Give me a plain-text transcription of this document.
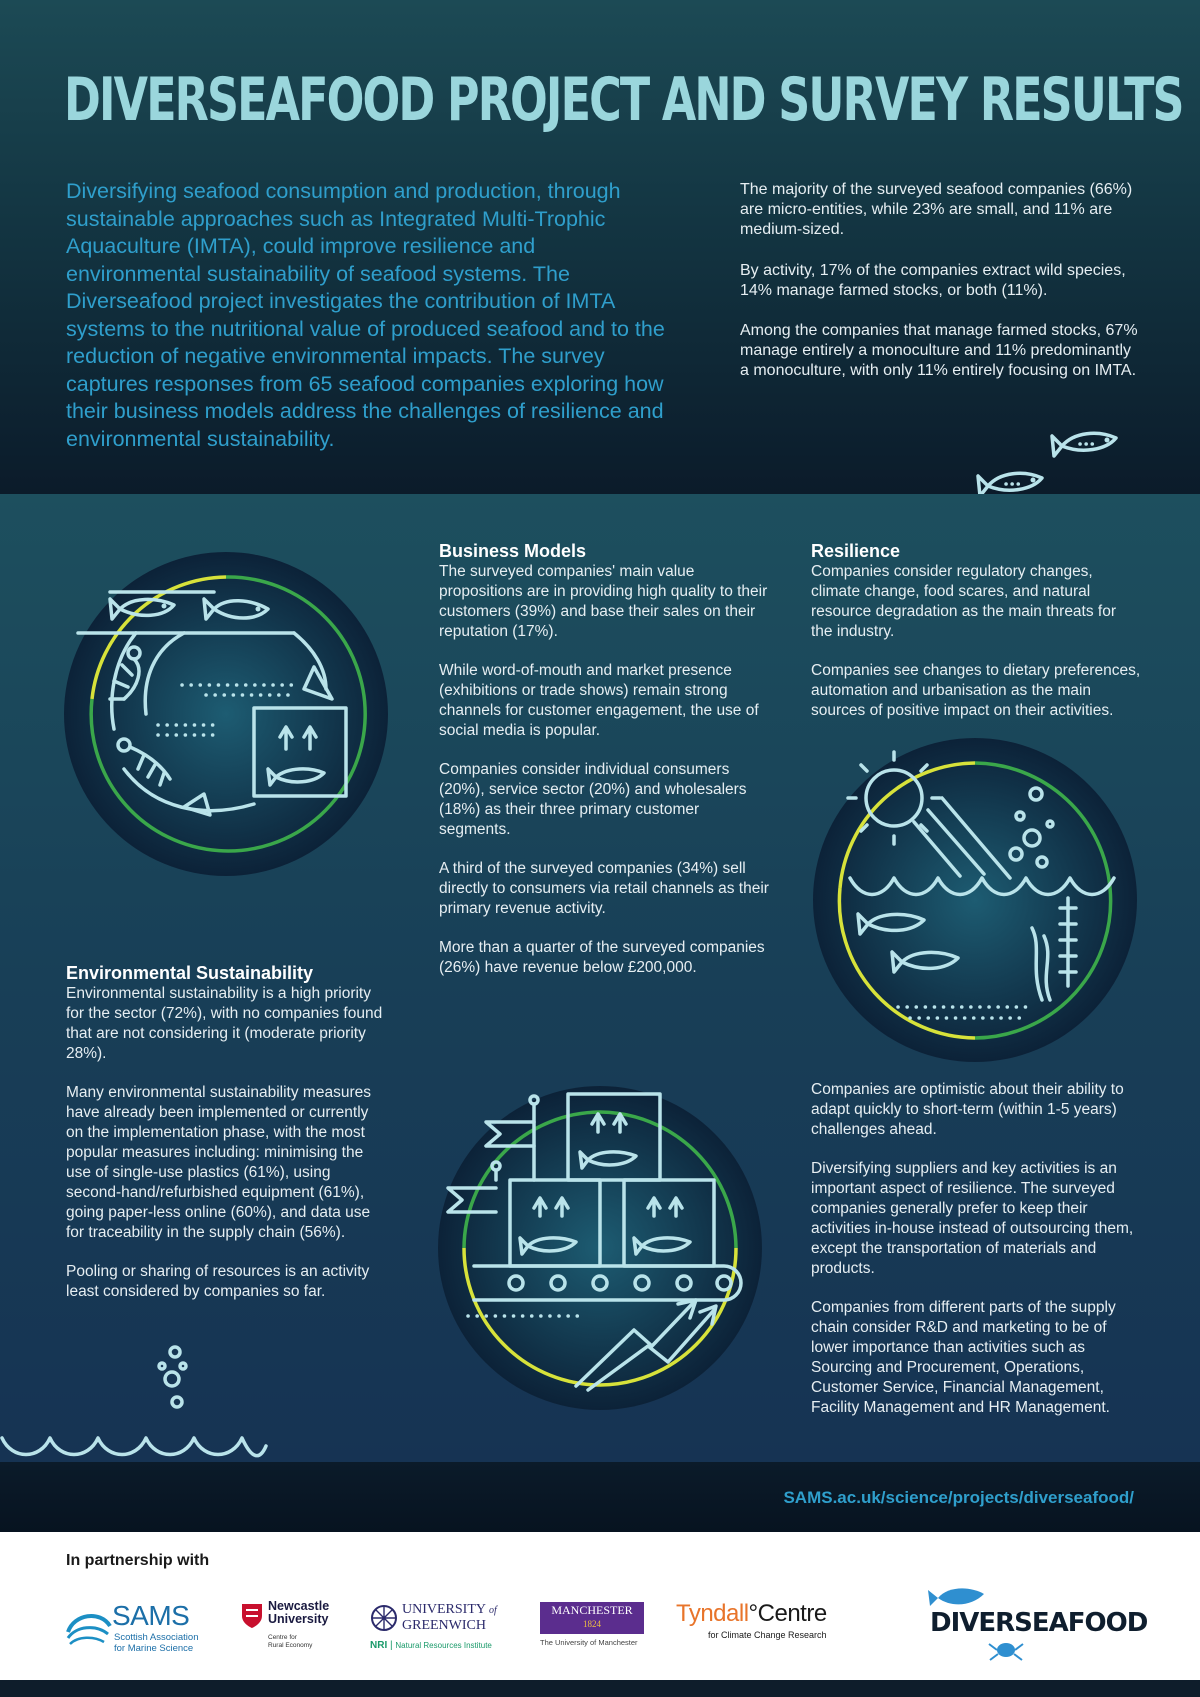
DIVERSEAFOOD PROJECT AND SURVEY RESULTS
Diversifying seafood consumption and production, through sustainable approaches such as Integrated Multi-Trophic Aquaculture (IMTA), could improve resilience and environmental sustainability of seafood systems. The Diverseafood project investigates the contribution of IMTA systems to the nutritional value of produced seafood and to the reduction of negative environmental impacts. The survey captures responses from 65 seafood companies exploring how their business models address the challenges of resilience and environmental sustainability.

The majority of the surveyed seafood companies (66%) are micro-entities, while 23% are small, and 11% are medium-sized.

By activity, 17% of the companies extract wild species, 14% manage farmed stocks, or both (11%).

Among the companies that manage farmed stocks, 67% manage entirely a monoculture and 11% predominantly a monoculture, with only 11% entirely focusing on IMTA.

Business Models

The surveyed companies' main value propositions are in providing high quality to their customers (39%) and base their sales on their reputation (17%).

While word-of-mouth and market presence (exhibitions or trade shows) remain strong channels for customer engagement, the use of social media is popular.

Companies consider individual consumers (20%), service sector (20%) and wholesalers (18%) as their three primary customer segments.

A third of the surveyed companies (34%) sell directly to consumers via retail channels as their primary revenue activity.

More than a quarter of the surveyed companies (26%) have revenue below £200,000.

Resilience

Companies consider regulatory changes, climate change, food scares, and natural resource degradation as the main threats for the industry.

Companies see changes to dietary preferences, automation and urbanisation as the main sources of positive impact on their activities.

Environmental Sustainability

Environmental sustainability is a high priority for the sector (72%), with no companies found that are not considering it (moderate priority 28%).

Many environmental sustainability measures have already been implemented or currently on the implementation phase, with the most popular measures including: minimising the use of single-use plastics (61%), using second-hand/refurbished equipment (61%), going paper-less online (60%), and data use for traceability in the supply chain (56%).

Pooling or sharing of resources is an activity least considered by companies so far.

Companies are optimistic about their ability to adapt quickly to short-term (within 1-5 years) challenges ahead.

Diversifying suppliers and key activities is an important aspect of resilience. The surveyed companies generally prefer to keep their activities in-house instead of outsourcing them, except the transportation of materials and products.

Companies from different parts of the supply chain consider R&D and marketing to be of lower importance than activities such as Sourcing and Procurement, Operations, Customer Service, Financial Management, Facility Management and HR Management.

SAMS.ac.uk/science/projects/diverseafood/
In partnership with
SAMS
Scottish Association
for Marine Science
Newcastle
University
Centre for
Rural Economy
UNIVERSITY of
GREENWICH
NRI | Natural Resources Institute
MANCHESTER
1824
The University of Manchester
Tyndall°Centre
for Climate Change Research	DIVERSEAFOOD
